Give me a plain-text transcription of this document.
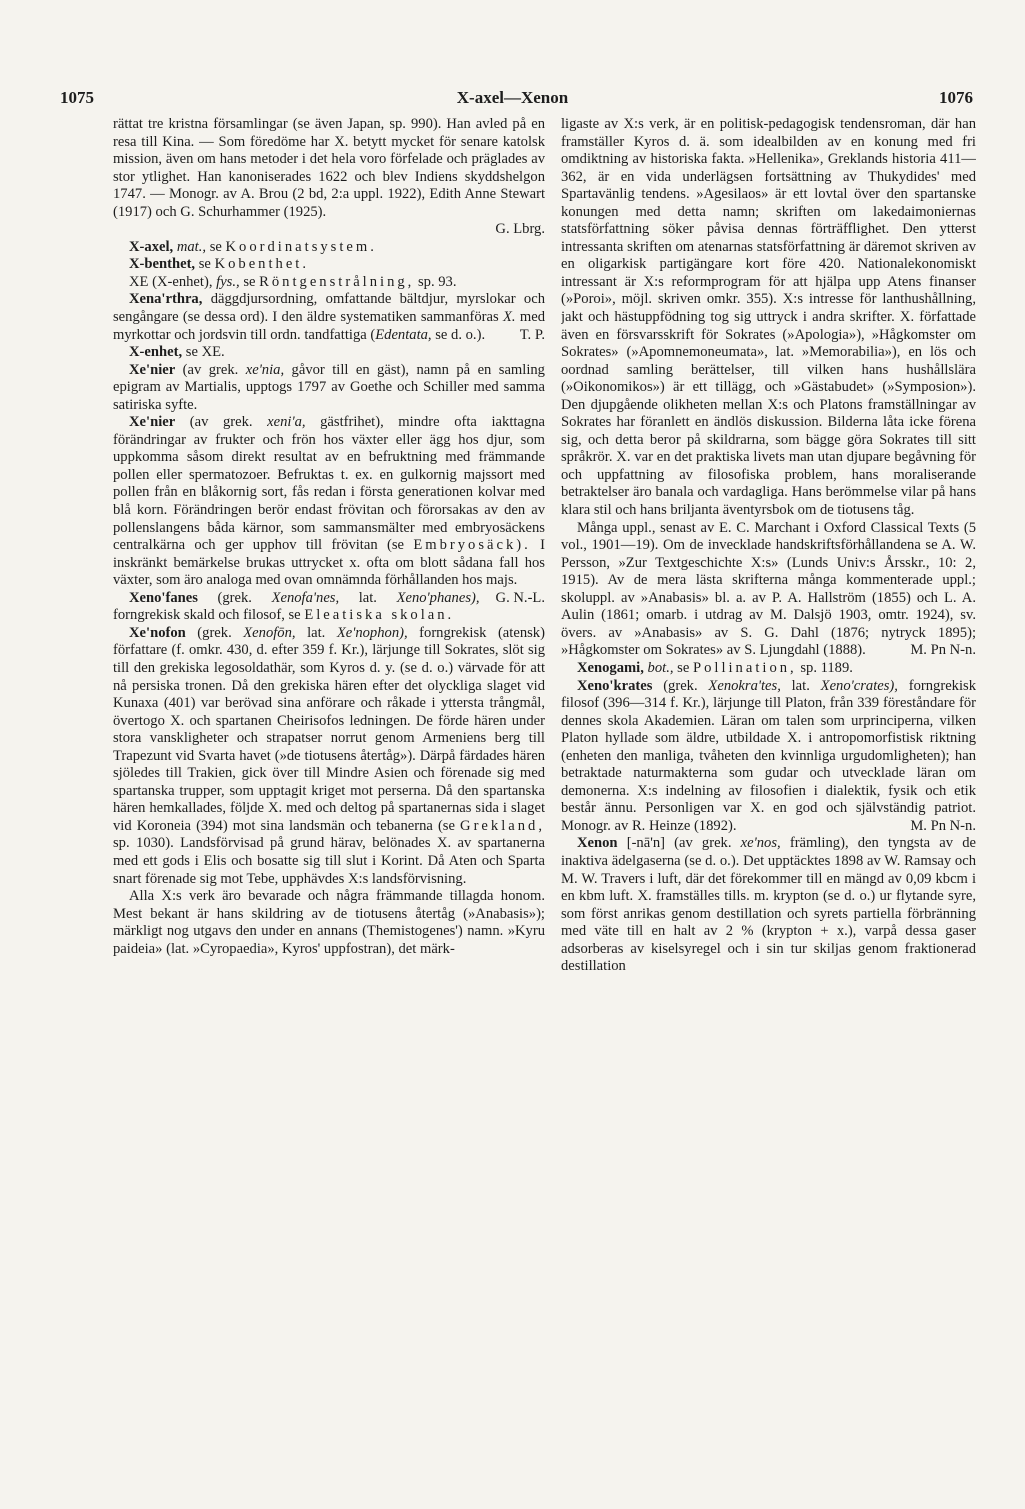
1075	X-axel—Xenon	1076

rättat tre kristna församlingar (se även Japan, sp. 990). Han avled på en resa till Kina. — Som föredöme har X. betytt mycket för senare katolsk mission, även om hans metoder i det hela voro förfelade och präglades av stor ytlighet. Han kanoniserades 1622 och blev Indiens skyddshelgon 1747. — Monogr. av A. Brou (2 bd, 2:a uppl. 1922), Edith Anne Stewart (1917) och G. Schurhammer (1925).
G. Lbrg.

X-axel, mat., se Koordinatsystem.

X-benthet, se Kobenthet.

XE (X-enhet), fys., se Röntgenstrålning, sp. 93.

Xena'rthra, däggdjursordning, omfattande bältdjur, myrslokar och sengångare (se dessa ord). I den äldre systematiken sammanföras X. med myrkottar och jordsvin till ordn. tandfattiga (Edentata, se d. o.).	T. P.

X-enhet, se XE.

Xe'nier (av grek. xe'nia, gåvor till en gäst), namn på en samling epigram av Martialis, upptogs 1797 av Goethe och Schiller med samma satiriska syfte.

Xe'nier (av grek. xeni'a, gästfrihet), mindre ofta iakttagna förändringar av frukter och frön hos växter eller ägg hos djur, som uppkomma såsom direkt resultat av en befruktning med främmande pollen eller spermatozoer. Befruktas t. ex. en gulkornig majssort med pollen från en blåkornig sort, fås redan i första generationen kolvar med blå korn. Förändringen berör endast frövitan och förorsakas av den av pollenslangens båda kärnor, som sammansmälter med embryosäckens centralkärna och ger upphov till frövitan (se Embryosäck). I inskränkt bemärkelse brukas uttrycket x. ofta om blott sådana fall hos växter, som äro analoga med ovan omnämnda förhållanden hos majs.
G. N.-L.

Xeno'fanes (grek. Xenofa'nes, lat. Xeno'phanes), forngrekisk skald och filosof, se Eleatiska skolan.

Xe'nofon (grek. Xenofōn, lat. Xe'nophon), forngrekisk (atensk) författare (f. omkr. 430, d. efter 359 f. Kr.), lärjunge till Sokrates, slöt sig till den grekiska legosoldathär, som Kyros d. y. (se d. o.) värvade för att nå persiska tronen. Då den grekiska hären efter det olyckliga slaget vid Kunaxa (401) var berövad sina anförare och råkade i yttersta trångmål, övertogo X. och spartanen Cheirisofos ledningen. De förde hären under stora vanskligheter och strapatser norrut genom Armeniens berg till Trapezunt vid Svarta havet (»de tiotusens återtåg»). Därpå färdades hären sjöledes till Trakien, gick över till Mindre Asien och förenade sig med spartanska trupper, som upptagit kriget mot perserna. Då den spartanska hären hemkallades, följde X. med och deltog på spartanernas sida i slaget vid Koroneia (394) mot sina landsmän och tebanerna (se Grekland, sp. 1030). Landsförvisad på grund härav, belönades X. av spartanerna med ett gods i Elis och bosatte sig till slut i Korint. Då Aten och Sparta snart förenade sig mot Tebe, upphävdes X:s landsförvisning.

Alla X:s verk äro bevarade och några främmande tillagda honom. Mest bekant är hans skildring av de tiotusens återtåg (»Anabasis»); märkligt nog utgavs den under en annans (Themistogenes') namn. »Kyru paideia» (lat. »Cyropaedia», Kyros' uppfostran), det märk-

ligaste av X:s verk, är en politisk-pedagogisk tendensroman, där han framställer Kyros d. ä. som idealbilden av en konung med fri omdiktning av historiska fakta. »Hellenika», Greklands historia 411—362, är en vida underlägsen fortsättning av Thukydides' med Spartavänlig tendens. »Agesilaos» är ett lovtal över den spartanske konungen med detta namn; skriften om lakedaimoniernas statsförfattning söker påvisa dennas förträfflighet. Den ytterst intressanta skriften om atenarnas statsförfattning är däremot skriven av en oligarkisk partigängare kort före 420. Nationalekonomiskt intressant är X:s reformprogram för att hjälpa upp Atens finanser (»Poroi», möjl. skriven omkr. 355). X:s intresse för lanthushållning, jakt och hästuppfödning tog sig uttryck i andra skrifter. X. författade även en försvarsskrift för Sokrates (»Apologia»), »Hågkomster om Sokrates» (»Apomnemoneumata», lat. »Memorabilia»), en lös och oordnad samling berättelser, till vilken hans hushållslära (»Oikonomikos») är ett tillägg, och »Gästabudet» (»Symposion»). Den djupgående olikheten mellan X:s och Platons framställningar av Sokrates har föranlett en ändlös diskussion. Bilderna låta icke förena sig, och detta beror på skildrarna, som bägge göra Sokrates till sitt språkrör. X. var en det praktiska livets man utan djupare begåvning för och uppfattning av filosofiska problem, hans moraliserande betraktelser äro banala och vardagliga. Hans berömmelse vilar på hans klara stil och hans briljanta äventyrsbok om de tiotusens tåg.

Många uppl., senast av E. C. Marchant i Oxford Classical Texts (5 vol., 1901—19). Om de invecklade handskriftsförhållandena se A. W. Persson, »Zur Textgeschichte X:s» (Lunds Univ:s Årsskr., 10: 2, 1915). Av de mera lästa skrifterna många kommenterade uppl.; skoluppl. av »Anabasis» bl. a. av P. A. Hallström (1855) och L. A. Aulin (1861; omarb. i utdrag av M. Dalsjö 1903, omtr. 1924), sv. övers. av »Anabasis» av S. G. Dahl (1876; nytryck 1895); »Hågkomster om Sokrates» av S. Ljungdahl (1888).	M. Pn N-n.

Xenogami, bot., se Pollination, sp. 1189.

Xeno'krates (grek. Xenokra'tes, lat. Xeno'crates), forngrekisk filosof (396—314 f. Kr.), lärjunge till Platon, från 339 föreståndare för dennes skola Akademien. Läran om talen som urprinciperna, vilken Platon hyllade som äldre, utbildade X. i antropomorfistisk riktning (enheten den manliga, tvåheten den kvinnliga urgudomligheten); han betraktade naturmakterna som gudar och utvecklade läran om demonerna. X:s indelning av filosofien i dialektik, fysik och etik består ännu. Personligen var X. en god och självständig patriot. Monogr. av R. Heinze (1892).	M. Pn N-n.

Xenon [-nā'n] (av grek. xe'nos, främling), den tyngsta av de inaktiva ädelgaserna (se d. o.). Det upptäcktes 1898 av W. Ramsay och M. W. Travers i luft, där det förekommer till en mängd av 0,09 kbcm i en kbm luft. X. framställes tills. m. krypton (se d. o.) ur flytande syre, som först anrikas genom destillation och syrets partiella förbränning med väte till en halt av 2 % (krypton + x.), varpå dessa gaser adsorberas av kiselsyregel och i sin tur skiljas genom fraktionerad destillation
